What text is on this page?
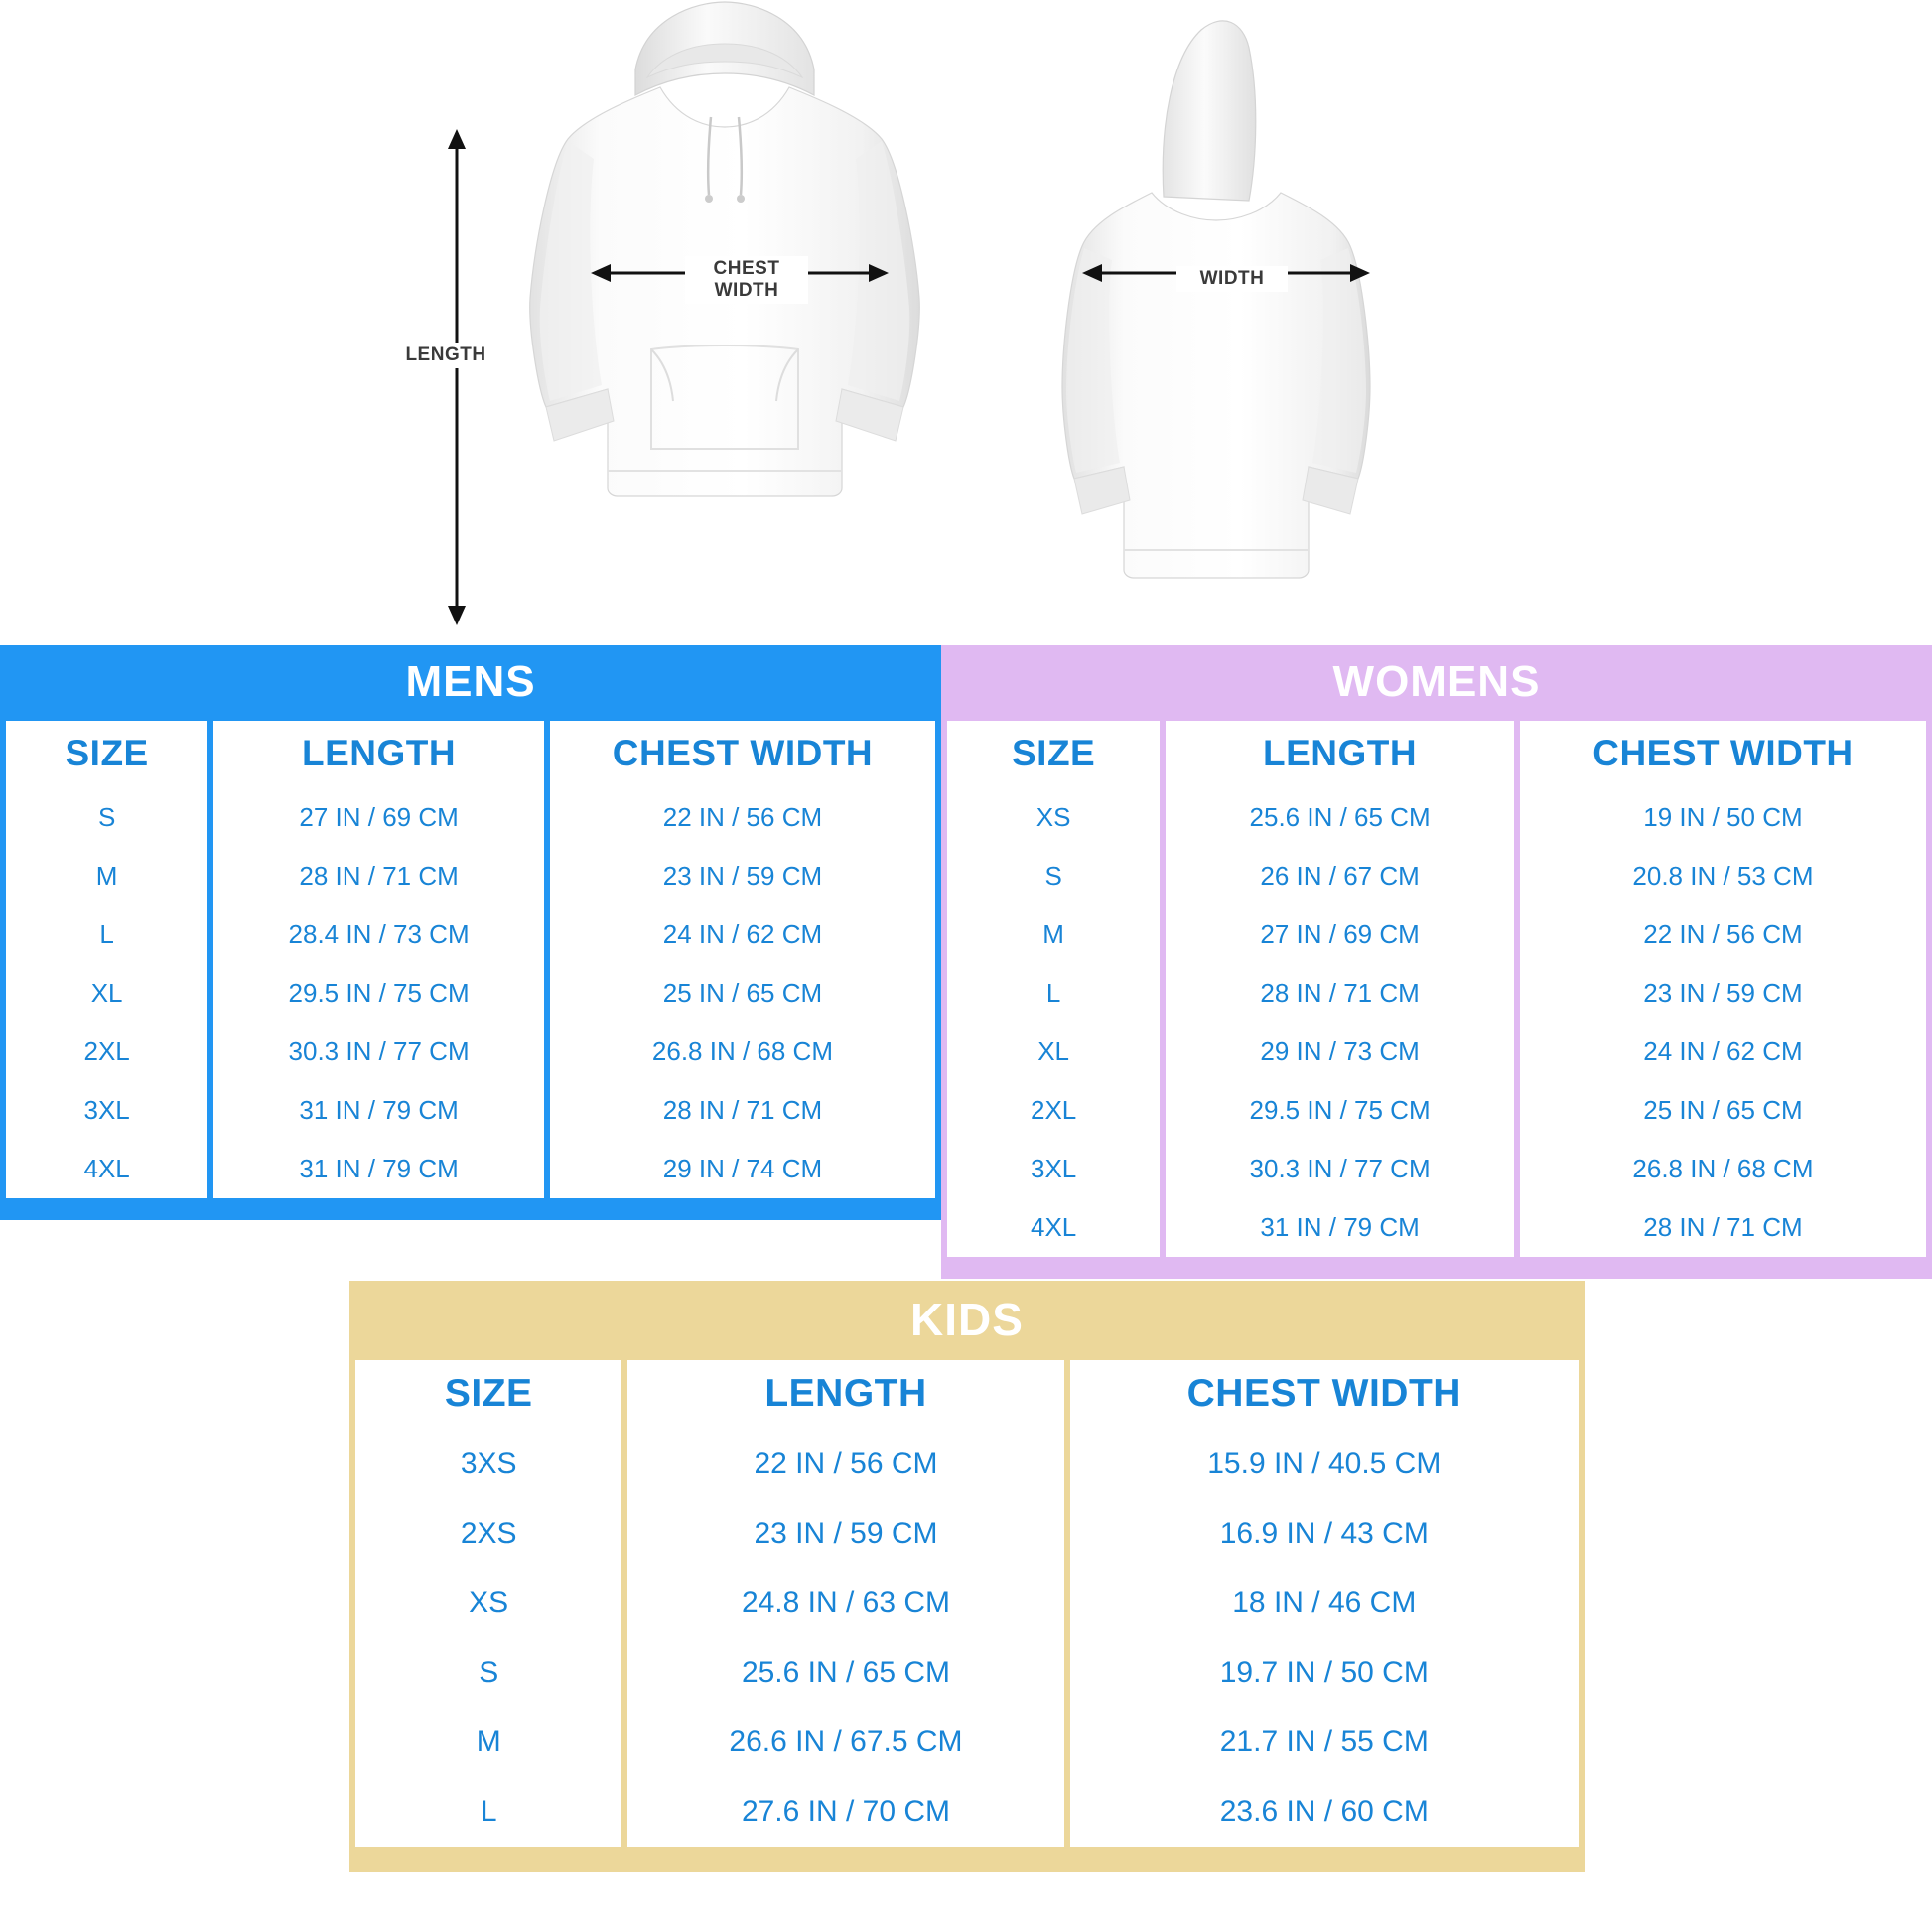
LENGTH
CHEST
WIDTH
WIDTH
MENS
SIZE	LENGTH	CHEST WIDTH
S	27 IN / 69 CM	22 IN / 56 CM
M	28 IN / 71 CM	23 IN / 59 CM
L	28.4 IN / 73 CM	24 IN / 62 CM
XL	29.5 IN / 75 CM	25 IN / 65 CM
2XL	30.3 IN / 77 CM	26.8 IN / 68 CM
3XL	31 IN / 79 CM	28 IN / 71 CM
4XL	31 IN / 79 CM	29 IN / 74 CM
WOMENS
SIZE	LENGTH	CHEST WIDTH
XS	25.6 IN / 65 CM	19 IN / 50 CM
S	26 IN / 67 CM	20.8 IN / 53 CM
M	27 IN / 69 CM	22 IN / 56 CM
L	28 IN / 71 CM	23 IN / 59 CM
XL	29 IN / 73 CM	24 IN / 62 CM
2XL	29.5 IN / 75 CM	25 IN / 65 CM
3XL	30.3 IN / 77 CM	26.8 IN / 68 CM
4XL	31 IN / 79 CM	28 IN / 71 CM
KIDS
SIZE	LENGTH	CHEST WIDTH
3XS	22 IN / 56 CM	15.9 IN / 40.5 CM
2XS	23 IN / 59 CM	16.9 IN / 43 CM
XS	24.8 IN / 63 CM	18 IN / 46 CM
S	25.6 IN / 65 CM	19.7 IN / 50 CM
M	26.6 IN / 67.5 CM	21.7 IN / 55 CM
L	27.6 IN / 70 CM	23.6 IN / 60 CM
